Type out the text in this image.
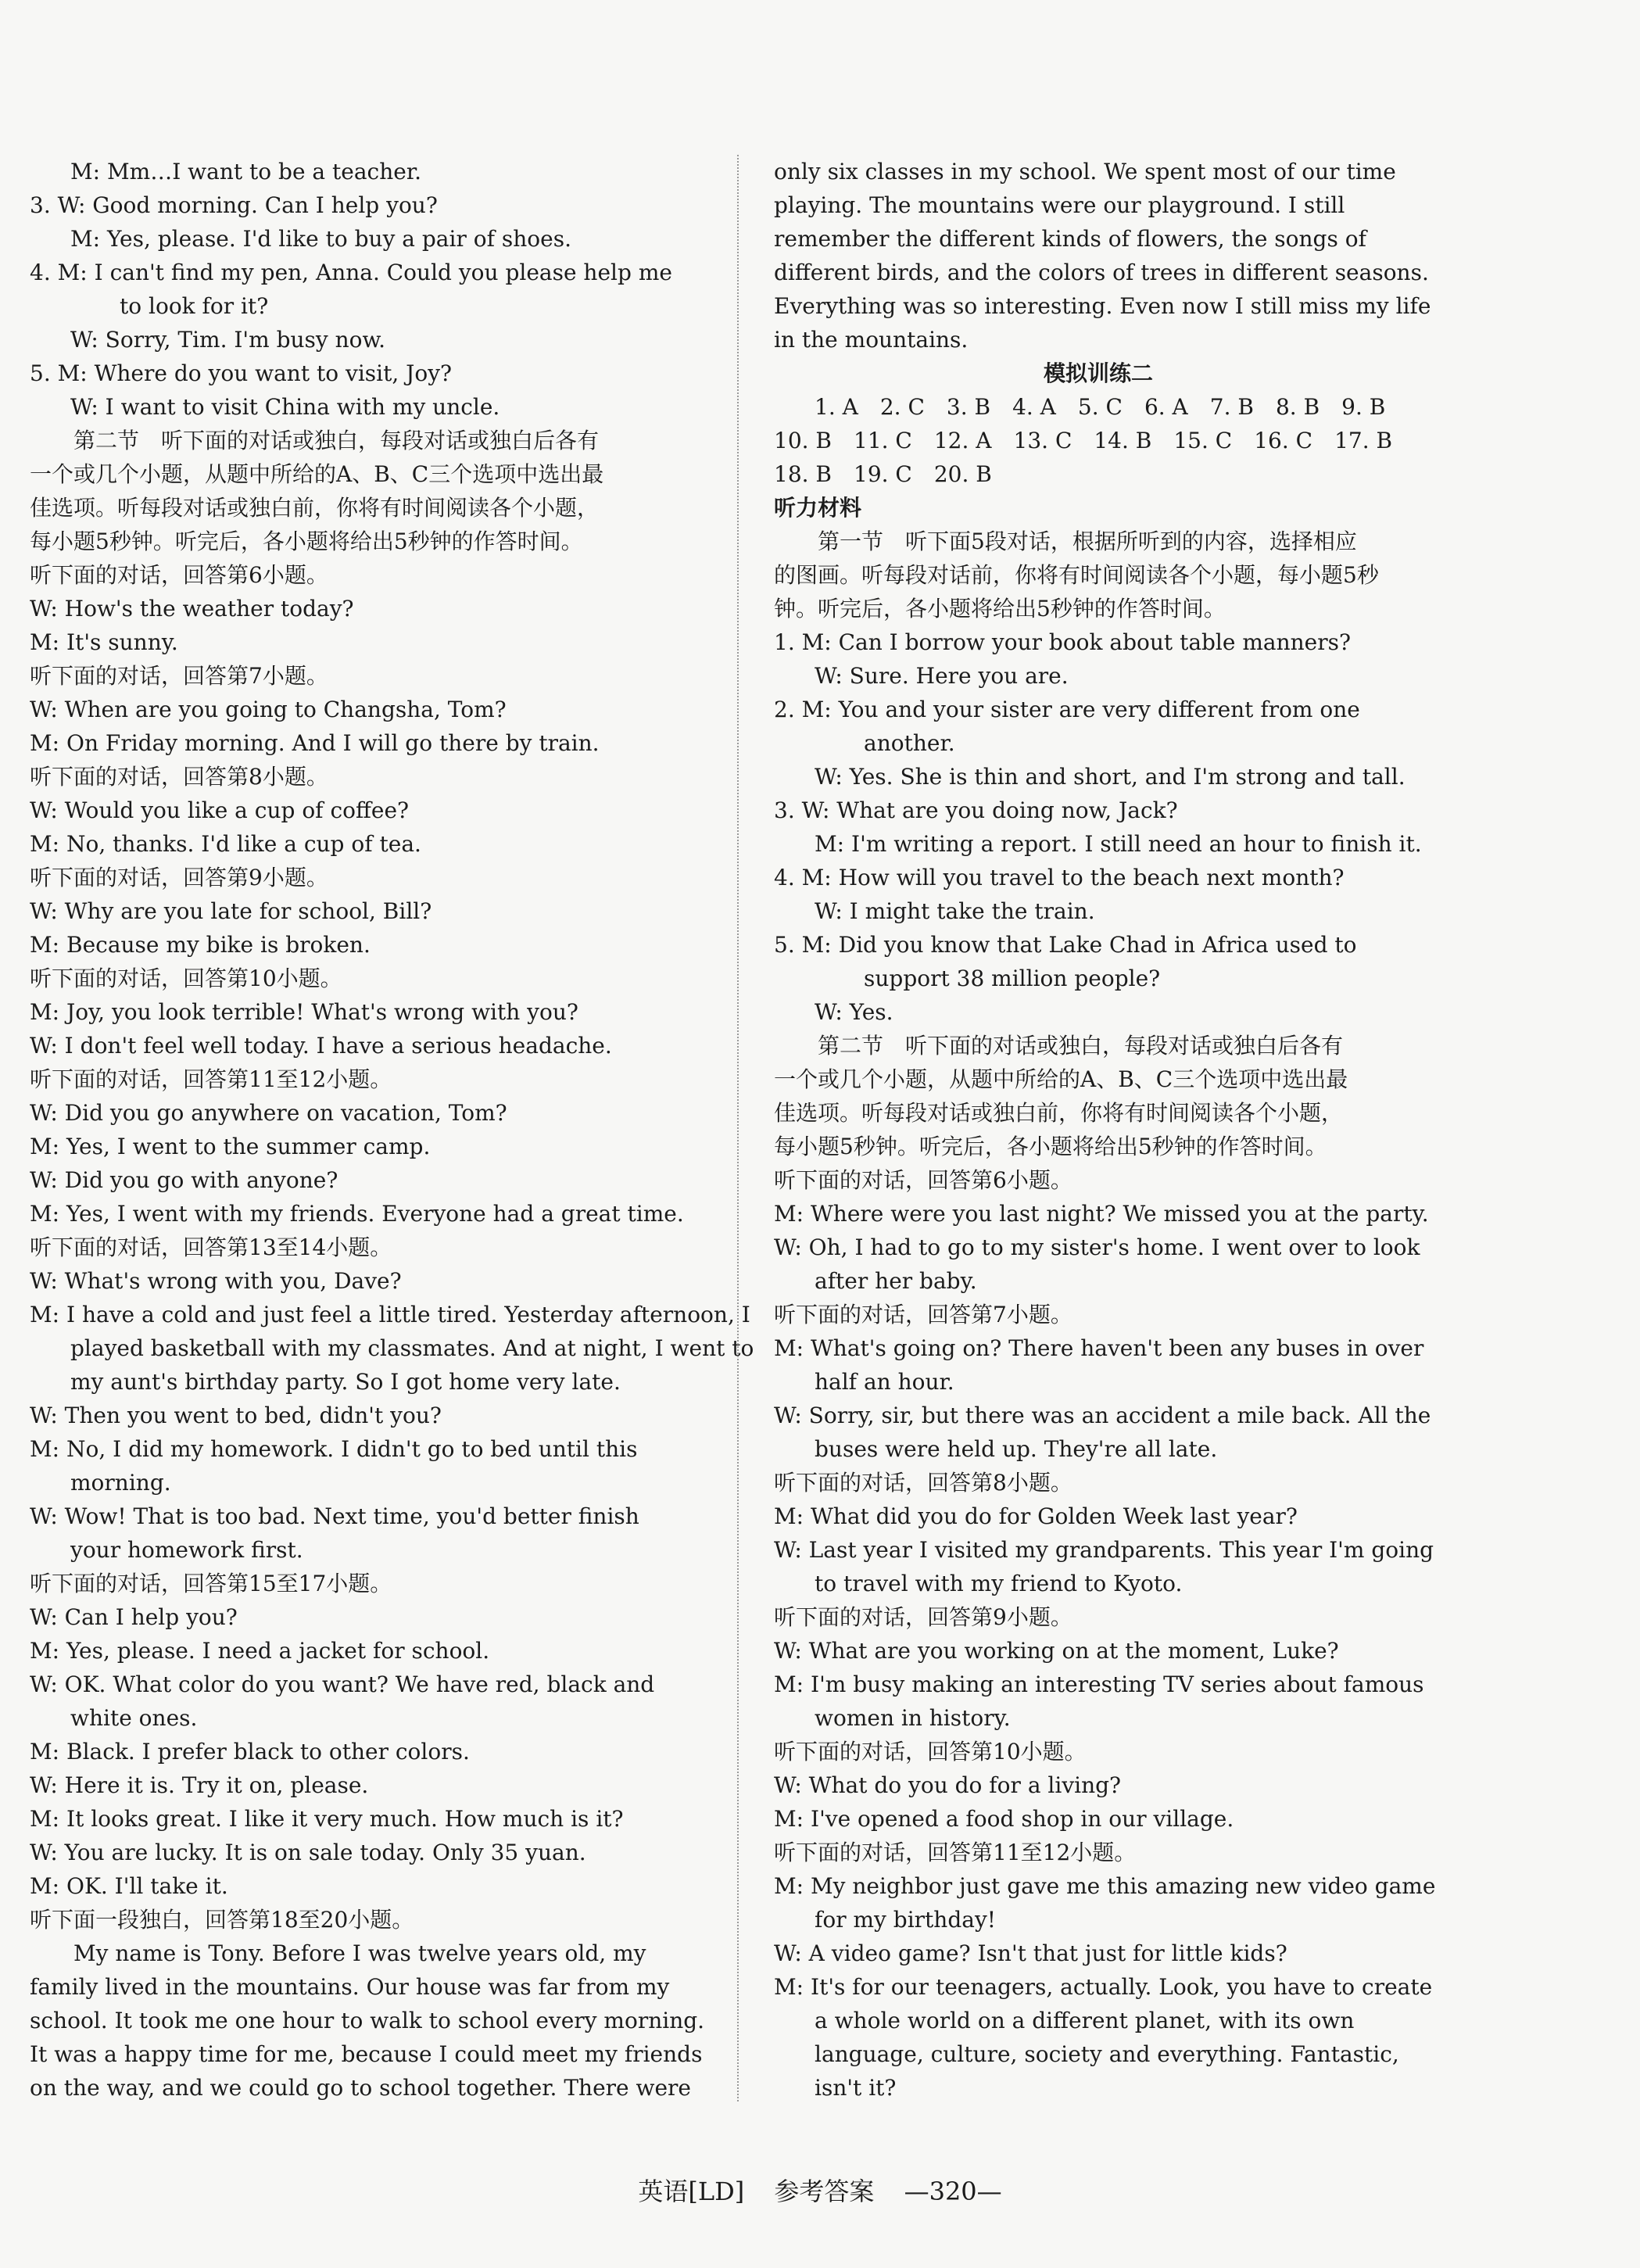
M: Mm…I want to be a teacher.
3. W: Good morning. Can I help you?
M: Yes, please. I'd like to buy a pair of shoes.
4. M: I can't find my pen, Anna. Could you please help me
to look for it?
W: Sorry, Tim. I'm busy now.
5. M: Where do you want to visit, Joy?
W: I want to visit China with my uncle.
第二节　听下面的对话或独白，每段对话或独白后各有
一个或几个小题，从题中所给的A、B、C三个选项中选出最
佳选项。听每段对话或独白前，你将有时间阅读各个小题，
每小题5秒钟。听完后，各小题将给出5秒钟的作答时间。
听下面的对话，回答第6小题。
W: How's the weather today?
M: It's sunny.
听下面的对话，回答第7小题。
W: When are you going to Changsha, Tom?
M: On Friday morning. And I will go there by train.
听下面的对话，回答第8小题。
W: Would you like a cup of coffee?
M: No, thanks. I'd like a cup of tea.
听下面的对话，回答第9小题。
W: Why are you late for school, Bill?
M: Because my bike is broken.
听下面的对话，回答第10小题。
M: Joy, you look terrible! What's wrong with you?
W: I don't feel well today. I have a serious headache.
听下面的对话，回答第11至12小题。
W: Did you go anywhere on vacation, Tom?
M: Yes, I went to the summer camp.
W: Did you go with anyone?
M: Yes, I went with my friends. Everyone had a great time.
听下面的对话，回答第13至14小题。
W: What's wrong with you, Dave?
M: I have a cold and just feel a little tired. Yesterday afternoon, I
played basketball with my classmates. And at night, I went to
my aunt's birthday party. So I got home very late.
W: Then you went to bed, didn't you?
M: No, I did my homework. I didn't go to bed until this
morning.
W: Wow! That is too bad. Next time, you'd better finish
your homework first.
听下面的对话，回答第15至17小题。
W: Can I help you?
M: Yes, please. I need a jacket for school.
W: OK. What color do you want? We have red, black and
white ones.
M: Black. I prefer black to other colors.
W: Here it is. Try it on, please.
M: It looks great. I like it very much. How much is it?
W: You are lucky. It is on sale today. Only 35 yuan.
M: OK. I'll take it.
听下面一段独白，回答第18至20小题。
My name is Tony. Before I was twelve years old, my
family lived in the mountains. Our house was far from my
school. It took me one hour to walk to school every morning.
It was a happy time for me, because I could meet my friends
on the way, and we could go to school together. There were
only six classes in my school. We spent most of our time
playing. The mountains were our playground. I still
remember the different kinds of flowers, the songs of
different birds, and the colors of trees in different seasons.
Everything was so interesting. Even now I still miss my life
in the mountains.
模拟训练二
1. A　2. C　3. B　4. A　5. C　6. A　7. B　8. B　9. B
10. B　11. C　12. A　13. C　14. B　15. C　16. C　17. B
18. B　19. C　20. B
听力材料
第一节　听下面5段对话，根据所听到的内容，选择相应
的图画。听每段对话前，你将有时间阅读各个小题，每小题5秒
钟。听完后，各小题将给出5秒钟的作答时间。
1. M: Can I borrow your book about table manners?
W: Sure. Here you are.
2. M: You and your sister are very different from one
another.
W: Yes. She is thin and short, and I'm strong and tall.
3. W: What are you doing now, Jack?
M: I'm writing a report. I still need an hour to finish it.
4. M: How will you travel to the beach next month?
W: I might take the train.
5. M: Did you know that Lake Chad in Africa used to
support 38 million people?
W: Yes.
第二节　听下面的对话或独白，每段对话或独白后各有
一个或几个小题，从题中所给的A、B、C三个选项中选出最
佳选项。听每段对话或独白前，你将有时间阅读各个小题，
每小题5秒钟。听完后，各小题将给出5秒钟的作答时间。
听下面的对话，回答第6小题。
M: Where were you last night? We missed you at the party.
W: Oh, I had to go to my sister's home. I went over to look
after her baby.
听下面的对话，回答第7小题。
M: What's going on? There haven't been any buses in over
half an hour.
W: Sorry, sir, but there was an accident a mile back. All the
buses were held up. They're all late.
听下面的对话，回答第8小题。
M: What did you do for Golden Week last year?
W: Last year I visited my grandparents. This year I'm going
to travel with my friend to Kyoto.
听下面的对话，回答第9小题。
W: What are you working on at the moment, Luke?
M: I'm busy making an interesting TV series about famous
women in history.
听下面的对话，回答第10小题。
W: What do you do for a living?
M: I've opened a food shop in our village.
听下面的对话，回答第11至12小题。
M: My neighbor just gave me this amazing new video game
for my birthday!
W: A video game? Isn't that just for little kids?
M: It's for our teenagers, actually. Look, you have to create
a whole world on a different planet, with its own
language, culture, society and everything. Fantastic,
isn't it?
英语[LD] 参考答案 —320—
